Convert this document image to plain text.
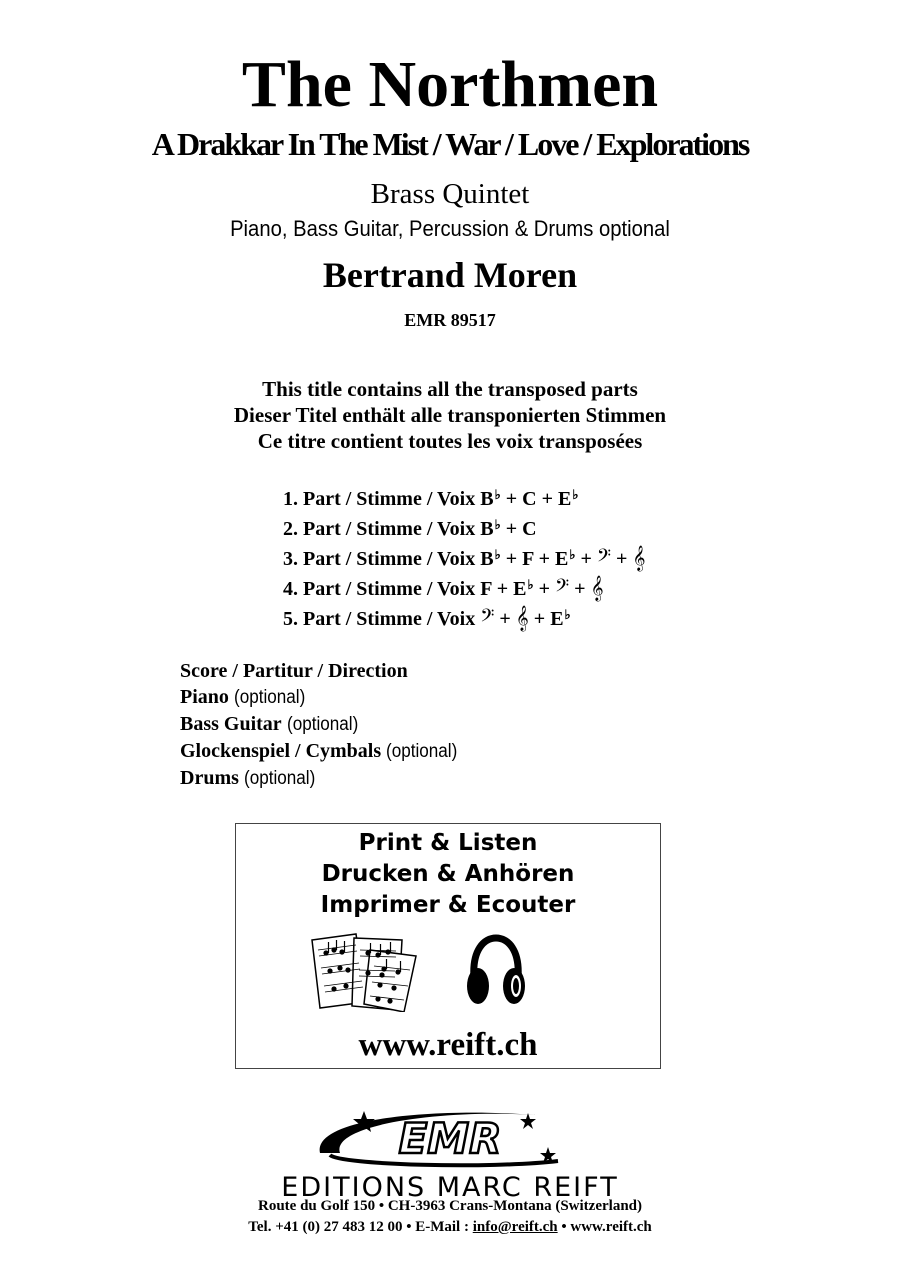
The Northmen
A Drakkar In The Mist / War / Love / Explorations
Brass Quintet
Piano, Bass Guitar, Percussion & Drums optional
Bertrand Moren
EMR 89517
This title contains all the transposed parts
Dieser Titel enthält alle transponierten Stimmen
Ce titre contient toutes les voix transposées
1. Part / Stimme / Voix B♭ + C + E♭
2. Part / Stimme / Voix B♭ + C
3. Part / Stimme / Voix B♭ + F + E♭ + 𝄢 + 𝄞
4. Part / Stimme / Voix F + E♭ + 𝄢 + 𝄞
5. Part / Stimme / Voix 𝄢 + 𝄞 + E♭
Score / Partitur / Direction
Piano (optional)
Bass Guitar (optional)
Glockenspiel / Cymbals (optional)
Drums (optional)
Print & Listen
Drucken & Anhören
Imprimer & Ecouter
www.reift.ch
EMR
EDITIONS MARC REIFT
Route du Golf 150 • CH-3963 Crans-Montana (Switzerland)
Tel. +41 (0) 27 483 12 00 • E-Mail : info@reift.ch • www.reift.ch
